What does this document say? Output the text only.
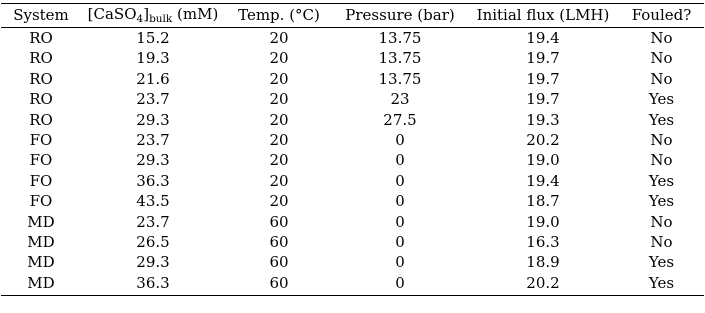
System	$[CaSO_4]_{bulk}$ (mM)	Temp. (°C)	Pressure (bar)	Initial flux (LMH)	Fouled?

RO	15.2	20	13.75	19.4	No
RO	19.3	20	13.75	19.7	No
RO	21.6	20	13.75	19.7	No
RO	23.7	20	23	19.7	Yes
RO	29.3	20	27.5	19.3	Yes
FO	23.7	20	0	20.2	No
FO	29.3	20	0	19.0	No
FO	36.3	20	0	19.4	Yes
FO	43.5	20	0	18.7	Yes
MD	23.7	60	0	19.0	No
MD	26.5	60	0	16.3	No
MD	29.3	60	0	18.9	Yes
MD	36.3	60	0	20.2	Yes
